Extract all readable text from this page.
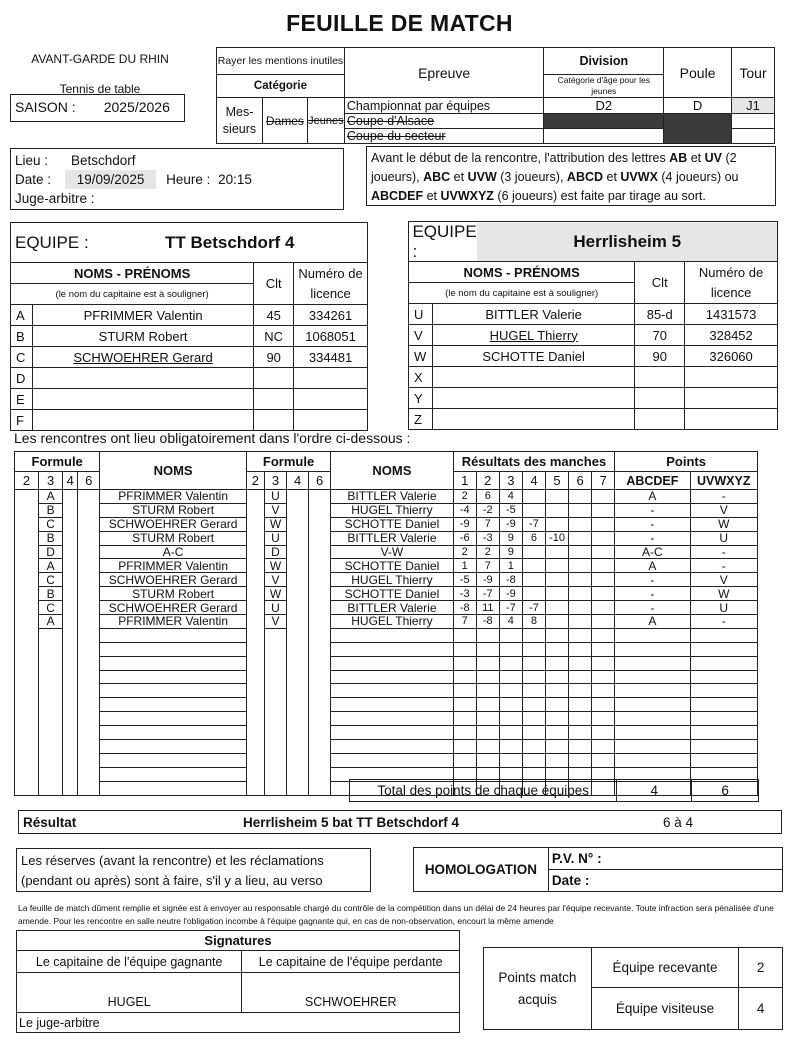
FEUILLE DE MATCH
AVANT-GARDE DU RHIN
Tennis de table
SAISON : 2025/2026
Rayer les mentions inutiles			Epreuve	Division	Poule	Tour
Catégorie				Catégorie d'âge pour les jeunes		
Mes-sieurs	Dames	Jeunes	Championnat par équipes	D2	D	J1
			Coupe d'Alsace			
			Coupe du secteur			
Lieu : Betschdorf
Date : 19/09/2025 Heure : 20:15
Juge-arbitre :
Avant le début de la rencontre, l'attribution des lettres AB et UV (2 joueurs), ABC et UVW (3 joueurs), ABCD et UVWX (4 joueurs) ou ABCDEF et UVWXYZ (6 joueurs) est faite par tirage au sort.
EQUIPE : TT Betschdorf 4			
NOMS - PRÉNOMS		Clt	Numéro de licence
(le nom du capitaine est à souligner)			
A	PFRIMMER Valentin	45	334261
B	STURM Robert	NC	1068051
C	SCHWOEHRER Gerard	90	334481
D			
E			
F			

	EQUIPE :
Herrlisheim 5		

NOMS - PRÉNOMS		Clt	Numéro de licence
(le nom du capitaine est à souligner)			
U	BITTLER Valerie	85-d	1431573
V	HUGEL Thierry	70	328452
W	SCHOTTE Daniel	90	326060
X			
Y			
Z			
Les rencontres ont lieu obligatoirement dans l'ordre ci-dessous :
Formule				NOMS	Formule				NOMS	Résultats des manches							Points	
2	3	4	6		2	3	4	6		1	2	3	4	5	6	7	ABCDEF	UVWXYZ
	A			PFRIMMER Valentin		U			BITTLER Valerie	2	6	4					A	-
	B			STURM Robert		V			HUGEL Thierry	-4	-2	-5					-	V
	C			SCHWOEHRER Gerard		W			SCHOTTE Daniel	-9	7	-9	-7				-	W
	B			STURM Robert		U			BITTLER Valerie	-6	-3	9	6	-10			-	U
	D			A-C		D			V-W	2	2	9					A-C	-
	A			PFRIMMER Valentin		W			SCHOTTE Daniel	1	7	1					A	-
	C			SCHWOEHRER Gerard		V			HUGEL Thierry	-5	-9	-8					-	V
	B			STURM Robert		W			SCHOTTE Daniel	-3	-7	-9					-	W
	C			SCHWOEHRER Gerard		U			BITTLER Valerie	-8	11	-7	-7				-	U
	A			PFRIMMER Valentin		V			HUGEL Thierry	7	-8	4	8				A	-

Total des points de chaque équipes	4	6
Résultat	Herrlisheim 5 bat TT Betschdorf 4	6 à 4
Les réserves (avant la rencontre) et les réclamations (pendant ou après) sont à faire, s'il y a lieu, au verso
HOMOLOGATION	P.V. N° :
Date :
La feuille de match dûment remplie et signée est à envoyer au responsable chargé du contrôle de la compétition dans un délai de 24 heures par l'équipe recevante. Toute infraction sera pénalisée d'une amende. Pour les rencontre en salle neutre l'obligation incombe à l'équipe gagnante qui, en cas de non-observation, encourt la même amende
Signatures	
Le capitaine de l'équipe gagnante	Le capitaine de l'équipe perdante
HUGEL	SCHWOEHRER
Le juge-arbitre	
Points match acquis	Équipe recevante	2
	Équipe visiteuse	4
